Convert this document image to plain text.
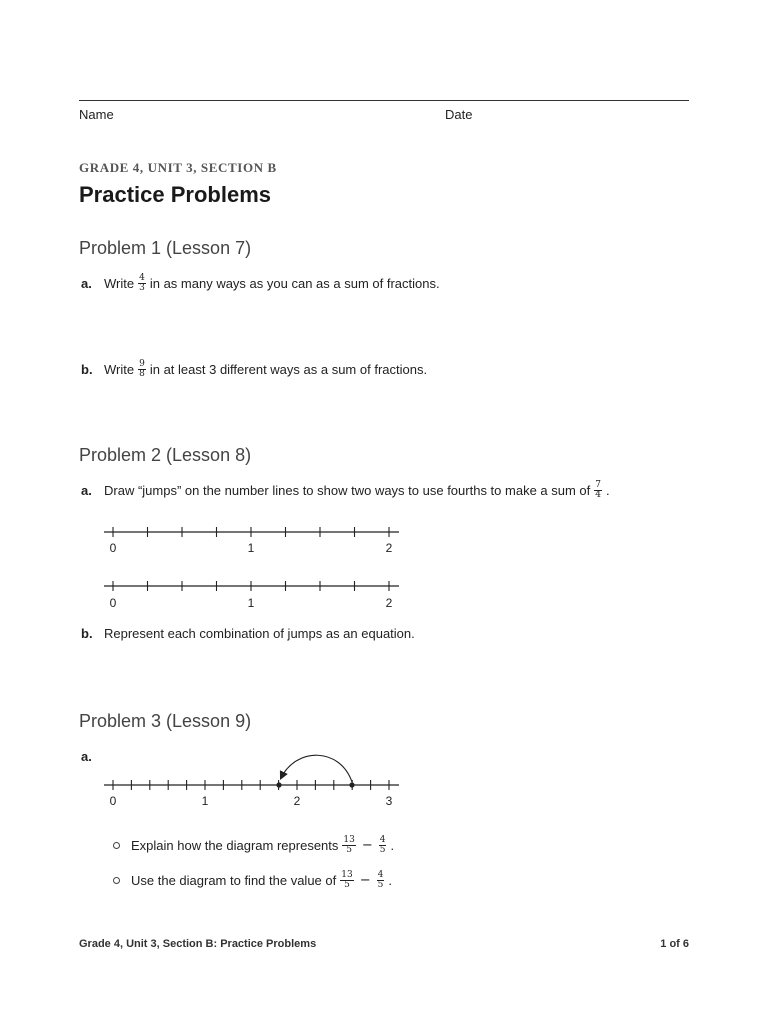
Name	Date
GRADE 4, UNIT 3, SECTION B
Practice Problems
Problem 1 (Lesson 7)
a. Write $\frac{4}{3}$ in as many ways as you can as a sum of fractions.
b. Write $\frac{9}{8}$ in at least 3 different ways as a sum of fractions.
Problem 2 (Lesson 8)
a. Draw “jumps” on the number lines to show two ways to use fourths to make a sum of $\frac{7}{4}$ .
0	1	2
0	1	2
b. Represent each combination of jumps as an equation.
Problem 3 (Lesson 9)
a.
0	1	2	3
Explain how the diagram represents $\frac{13}{5} - \frac{4}{5}$ .
Use the diagram to find the value of $\frac{13}{5} - \frac{4}{5}$ .
Grade 4, Unit 3, Section B: Practice Problems	1 of 6
